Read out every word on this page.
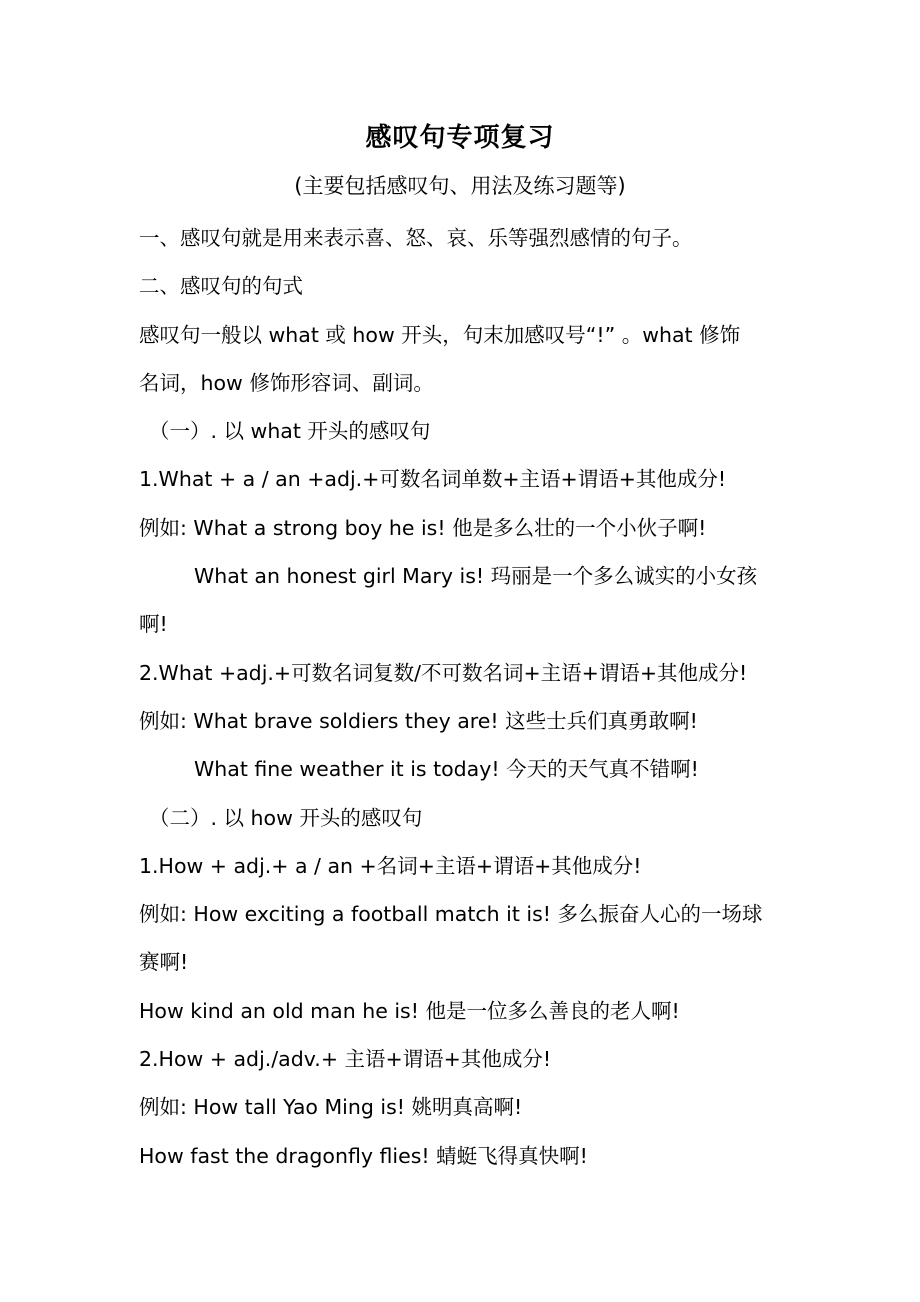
感叹句专项复习
(主要包括感叹句、用法及练习题等)
一、感叹句就是用来表示喜、怒、哀、乐等强烈感情的句子。
二、感叹句的句式
感叹句一般以 what 或 how 开头，句末加感叹号“!” 。what 修饰
名词，how 修饰形容词、副词。
（一）. 以 what 开头的感叹句
1.What + a / an +adj.+可数名词单数+主语+谓语+其他成分!
例如: What a strong boy he is! 他是多么壮的一个小伙子啊!
What an honest girl Mary is! 玛丽是一个多么诚实的小女孩
啊!
2.What +adj.+可数名词复数/不可数名词+主语+谓语+其他成分!
例如: What brave soldiers they are! 这些士兵们真勇敢啊!
What fine weather it is today! 今天的天气真不错啊!
（二）. 以 how 开头的感叹句
1.How + adj.+ a / an +名词+主语+谓语+其他成分!
例如: How exciting a football match it is! 多么振奋人心的一场球
赛啊!
How kind an old man he is! 他是一位多么善良的老人啊!
2.How + adj./adv.+ 主语+谓语+其他成分!
例如: How tall Yao Ming is! 姚明真高啊!
How fast the dragonfly flies! 蜻蜓飞得真快啊!
